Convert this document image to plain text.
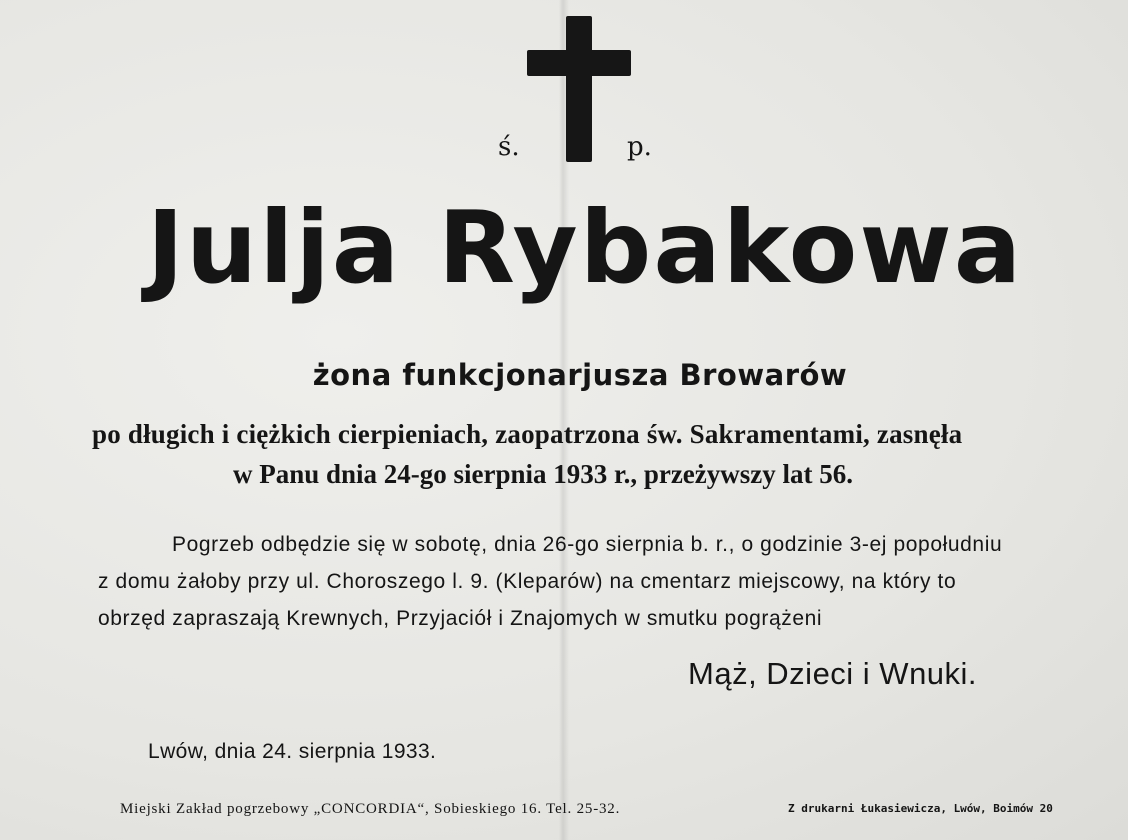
ś.	p.
Julja Rybakowa
żona funkcjonarjusza Browarów
po długich i ciężkich cierpieniach, zaopatrzona św. Sakramentami, zasnęła
w Panu dnia 24-go sierpnia 1933 r., przeżywszy lat 56.
Pogrzeb odbędzie się w sobotę, dnia 26-go sierpnia b. r., o godzinie 3-ej popołudniu
z domu żałoby przy ul. Choroszego l. 9. (Kleparów) na cmentarz miejscowy, na który to
obrzęd zapraszają Krewnych, Przyjaciół i Znajomych w smutku pogrążeni
Mąż, Dzieci i Wnuki.
Lwów, dnia 24. sierpnia 1933.
Miejski Zakład pogrzebowy „CONCORDIA“, Sobieskiego 16. Tel. 25-32.	Z drukarni Łukasiewicza, Lwów, Boimów 20
